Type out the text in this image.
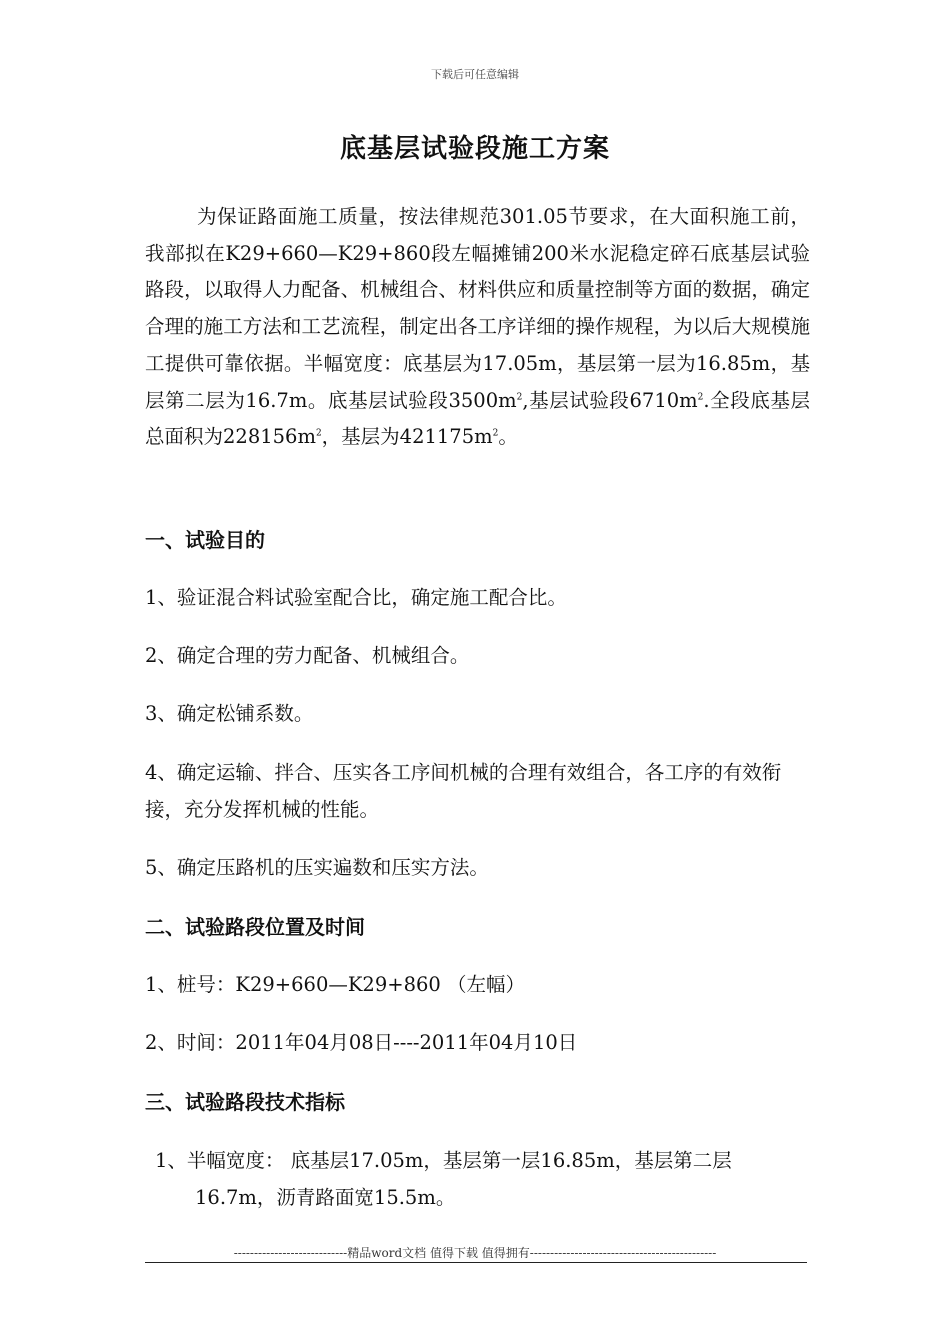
下载后可任意编辑
底基层试验段施工方案
为保证路面施工质量，按法律规范301.05节要求，在大面积施工前，我部拟在K29+660—K29+860段左幅摊铺200米水泥稳定碎石底基层试验路段，以取得人力配备、机械组合、材料供应和质量控制等方面的数据，确定合理的施工方法和工艺流程，制定出各工序详细的操作规程，为以后大规模施工提供可靠依据。半幅宽度：底基层为17.05m，基层第一层为16.85m，基层第二层为16.7m。底基层试验段$3500m^2$,基层试验段$6710m^2$.全段底基层总面积为$228156m^2$，基层为$421175m^2$。
一、试验目的
1、验证混合料试验室配合比，确定施工配合比。
2、确定合理的劳力配备、机械组合。
3、确定松铺系数。
4、确定运输、拌合、压实各工序间机械的合理有效组合，各工序的有效衔接，充分发挥机械的性能。
5、确定压路机的压实遍数和压实方法。
二、试验路段位置及时间
1、桩号：K29+660—K29+860 （左幅）
2、时间：2011年04月08日----2011年04月10日
三、试验路段技术指标
1、半幅宽度： 底基层17.05m，基层第一层16.85m，基层第二层16.7m，沥青路面宽15.5m。
----------------------------精品word文档 值得下载 值得拥有----------------------------------------------
